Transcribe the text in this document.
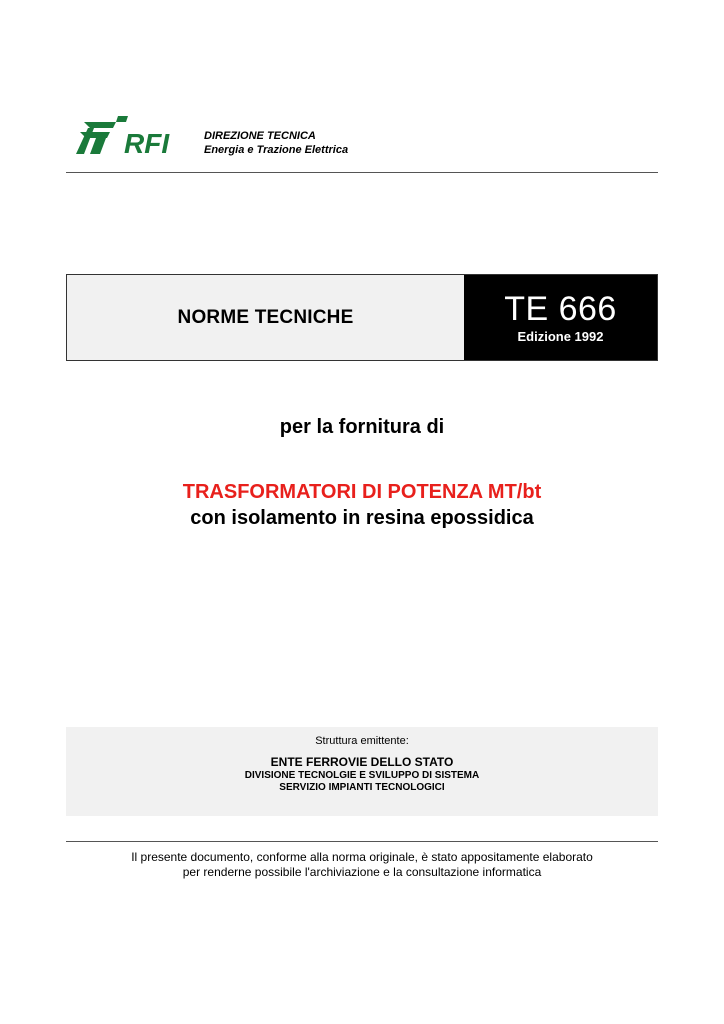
RFI	DIREZIONE TECNICA
Energia e Trazione Elettrica
NORME TECNICHE	TE 666
Edizione 1992
per la fornitura di
TRASFORMATORI DI POTENZA MT/bt
con isolamento in resina epossidica
Struttura emittente:
ENTE FERROVIE DELLO STATO
DIVISIONE TECNOLGIE E SVILUPPO DI SISTEMA
SERVIZIO IMPIANTI TECNOLOGICI
Il presente documento, conforme alla norma originale, è stato appositamente elaborato
per renderne possibile l'archiviazione e la consultazione informatica
